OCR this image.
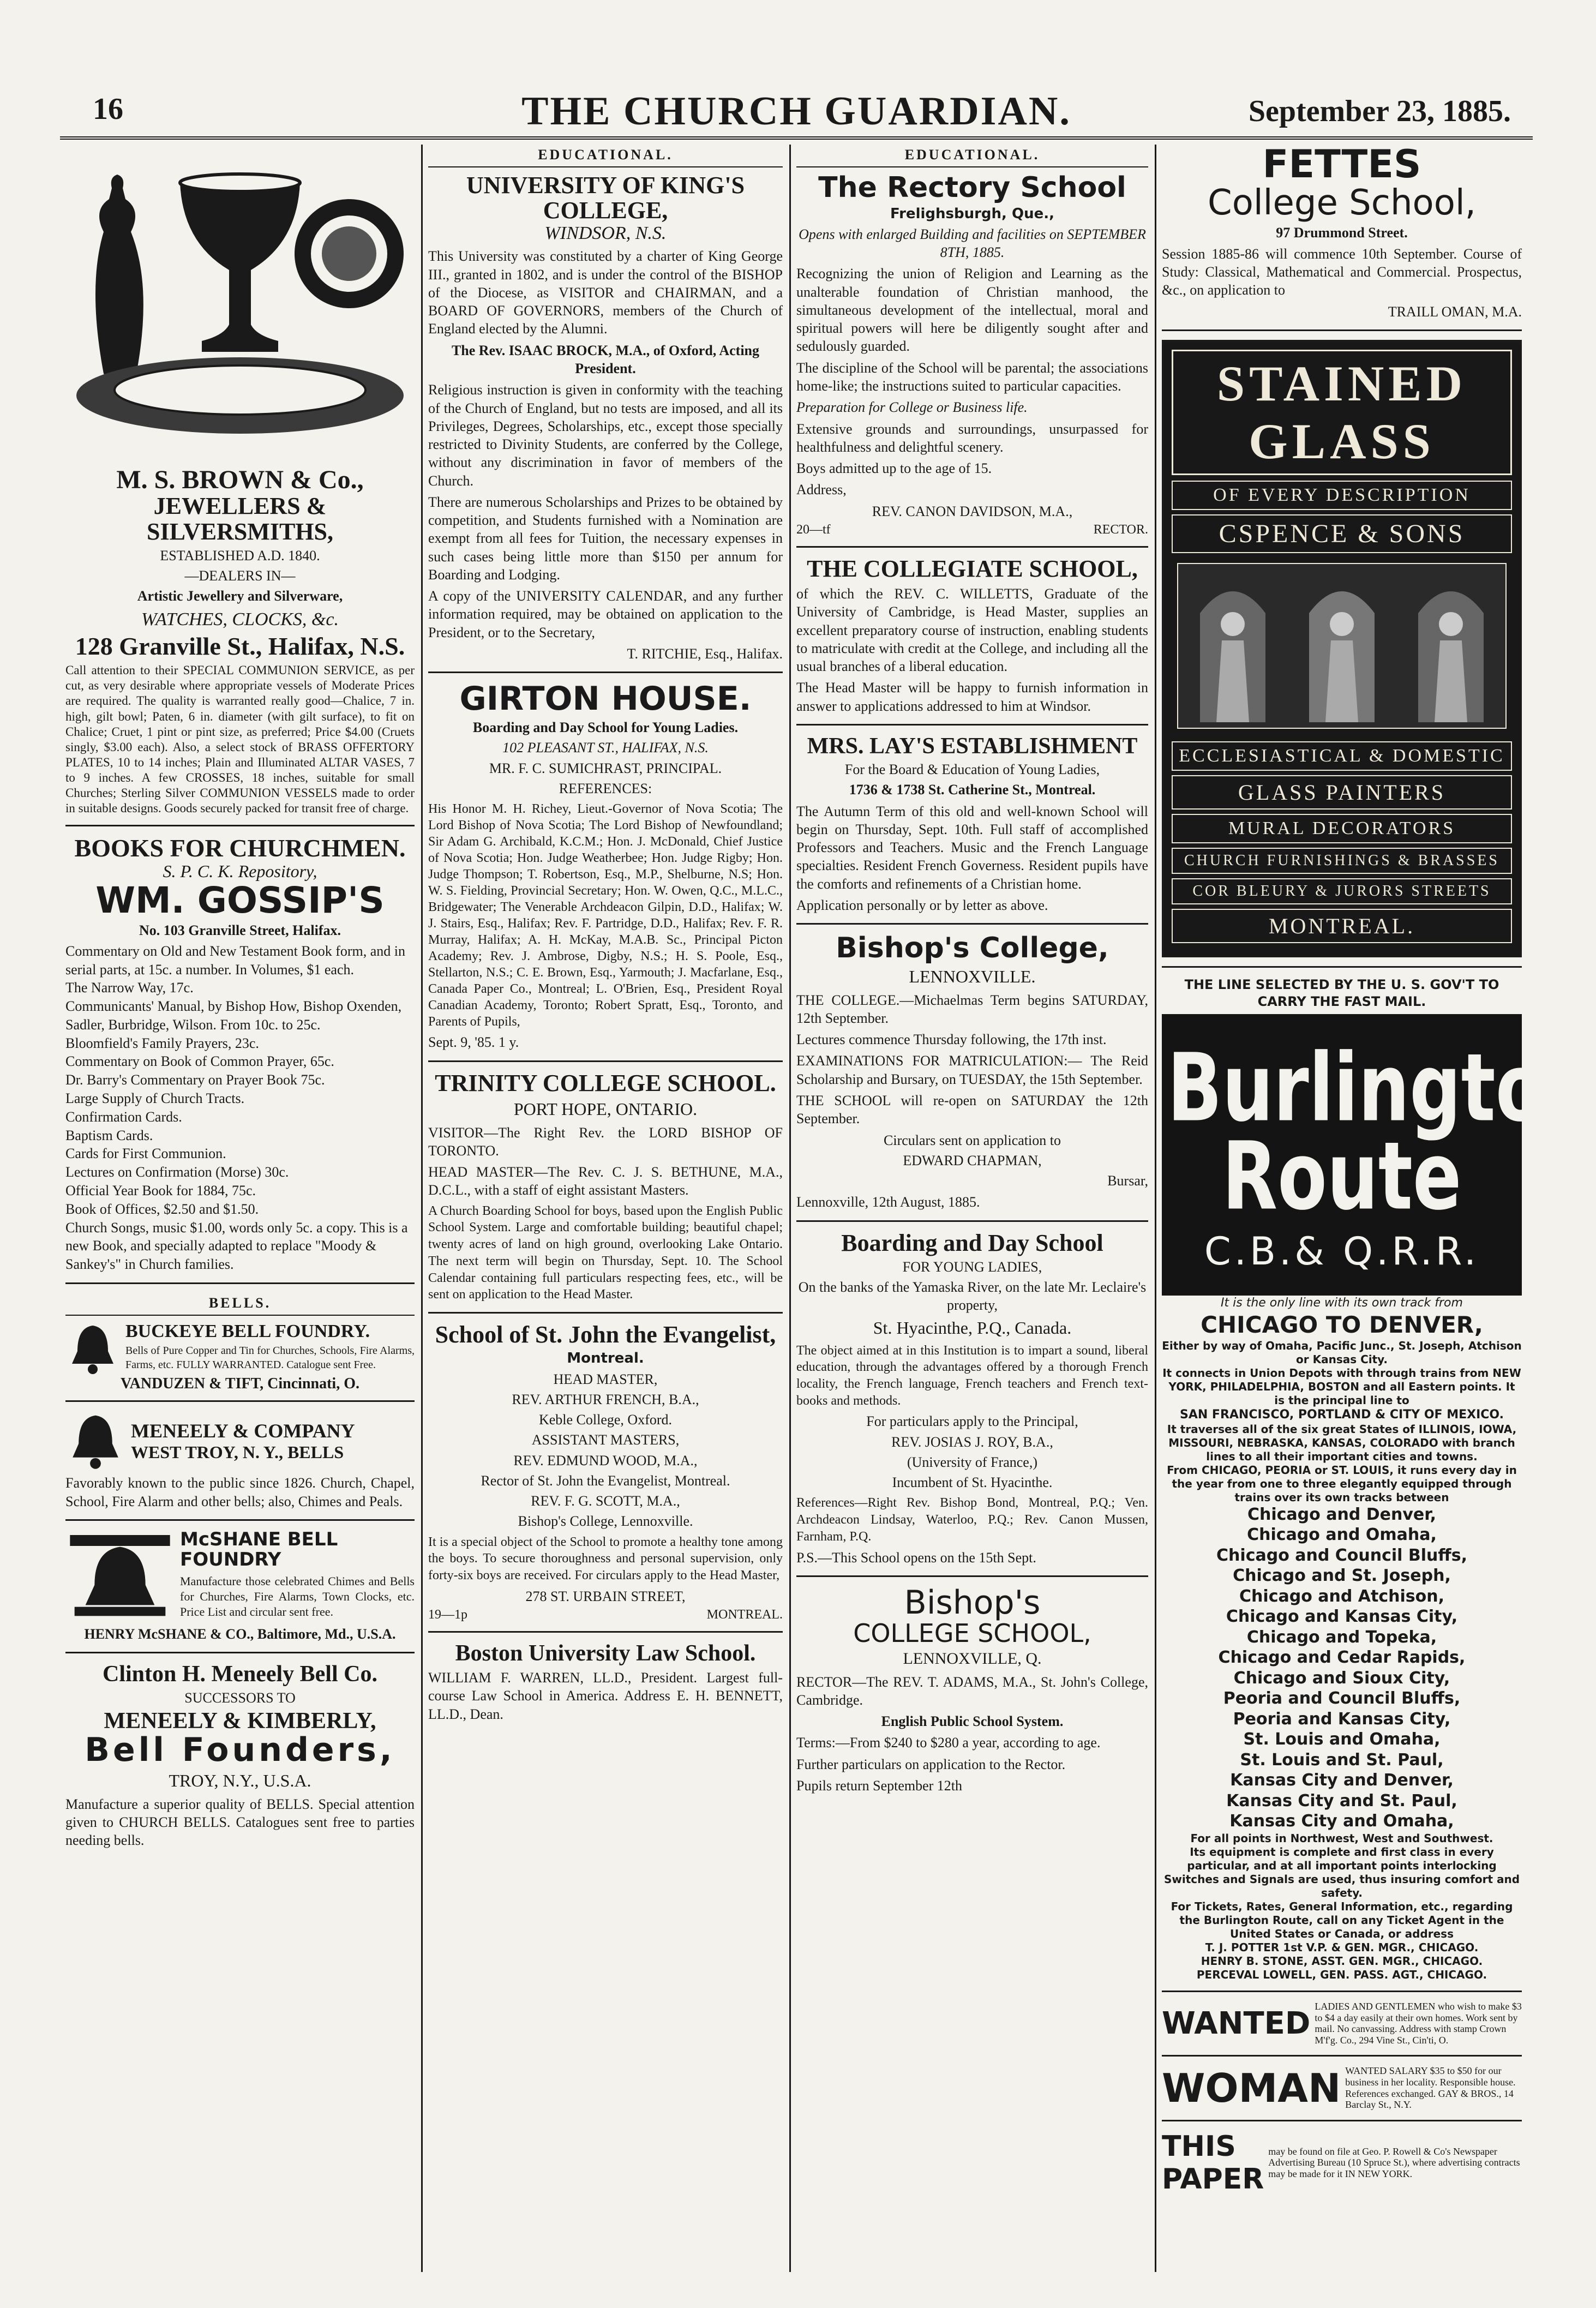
16	THE CHURCH GUARDIAN.	September 23, 1885.
M. S. BROWN & Co.,
JEWELLERS & SILVERSMITHS,
ESTABLISHED A.D. 1840.
—DEALERS IN—
Artistic Jewellery and Silverware,
WATCHES, CLOCKS, &c.
128 Granville St., Halifax, N.S.
Call attention to their SPECIAL COMMUNION SERVICE, as per cut, as very desirable where appropriate vessels of Moderate Prices are required. The quality is warranted really good—Chalice, 7 in. high, gilt bowl; Paten, 6 in. diameter (with gilt surface), to fit on Chalice; Cruet, 1 pint or pint size, as preferred; Price $4.00 (Cruets singly, $3.00 each). Also, a select stock of BRASS OFFERTORY PLATES, 10 to 14 inches; Plain and Illuminated ALTAR VASES, 7 to 9 inches. A few CROSSES, 18 inches, suitable for small Churches; Sterling Silver COMMUNION VESSELS made to order in suitable designs. Goods securely packed for transit free of charge.
BOOKS FOR CHURCHMEN.
S. P. C. K. Repository,
WM. GOSSIP'S
No. 103 Granville Street, Halifax.
Commentary on Old and New Testament Book form, and in serial parts, at 15c. a number. In Volumes, $1 each.
The Narrow Way, 17c.
Communicants' Manual, by Bishop How, Bishop Oxenden, Sadler, Burbridge, Wilson. From 10c. to 25c.
Bloomfield's Family Prayers, 23c.
Commentary on Book of Common Prayer, 65c.
Dr. Barry's Commentary on Prayer Book 75c.
Large Supply of Church Tracts.
Confirmation Cards.
Baptism Cards.
Cards for First Communion.
Lectures on Confirmation (Morse) 30c.
Official Year Book for 1884, 75c.
Book of Offices, $2.50 and $1.50.
Church Songs, music $1.00, words only 5c. a copy. This is a new Book, and specially adapted to replace "Moody & Sankey's" in Church families.
BELLS.
BUCKEYE BELL FOUNDRY.
Bells of Pure Copper and Tin for Churches, Schools, Fire Alarms, Farms, etc. FULLY WARRANTED. Catalogue sent Free.
VANDUZEN & TIFT, Cincinnati, O.
MENEELY & COMPANY
WEST TROY, N. Y., BELLS
Favorably known to the public since 1826. Church, Chapel, School, Fire Alarm and other bells; also, Chimes and Peals.
McSHANE BELL FOUNDRY
Manufacture those celebrated Chimes and Bells for Churches, Fire Alarms, Town Clocks, etc. Price List and circular sent free.
HENRY McSHANE & CO., Baltimore, Md., U.S.A.
Clinton H. Meneely Bell Co.
SUCCESSORS TO
MENEELY & KIMBERLY,
Bell Founders,
TROY, N.Y., U.S.A.
Manufacture a superior quality of BELLS. Special attention given to CHURCH BELLS. Catalogues sent free to parties needing bells.
EDUCATIONAL.
UNIVERSITY OF KING'S COLLEGE,
WINDSOR, N.S.
This University was constituted by a charter of King George III., granted in 1802, and is under the control of the BISHOP of the Diocese, as VISITOR and CHAIRMAN, and a BOARD OF GOVERNORS, members of the Church of England elected by the Alumni.
The Rev. ISAAC BROCK, M.A., of Oxford, Acting President.
Religious instruction is given in conformity with the teaching of the Church of England, but no tests are imposed, and all its Privileges, Degrees, Scholarships, etc., except those specially restricted to Divinity Students, are conferred by the College, without any discrimination in favor of members of the Church.
There are numerous Scholarships and Prizes to be obtained by competition, and Students furnished with a Nomination are exempt from all fees for Tuition, the necessary expenses in such cases being little more than $150 per annum for Boarding and Lodging.
A copy of the UNIVERSITY CALENDAR, and any further information required, may be obtained on application to the President, or to the Secretary,
T. RITCHIE, Esq., Halifax.
GIRTON HOUSE.
Boarding and Day School for Young Ladies.
102 PLEASANT ST., HALIFAX, N.S.
MR. F. C. SUMICHRAST, PRINCIPAL.
REFERENCES:
His Honor M. H. Richey, Lieut.-Governor of Nova Scotia; The Lord Bishop of Nova Scotia; The Lord Bishop of Newfoundland; Sir Adam G. Archibald, K.C.M.; Hon. J. McDonald, Chief Justice of Nova Scotia; Hon. Judge Weatherbee; Hon. Judge Rigby; Hon. Judge Thompson; T. Robertson, Esq., M.P., Shelburne, N.S; Hon. W. S. Fielding, Provincial Secretary; Hon. W. Owen, Q.C., M.L.C., Bridgewater; The Venerable Archdeacon Gilpin, D.D., Halifax; W. J. Stairs, Esq., Halifax; Rev. F. Partridge, D.D., Halifax; Rev. F. R. Murray, Halifax; A. H. McKay, M.A.B. Sc., Principal Picton Academy; Rev. J. Ambrose, Digby, N.S.; H. S. Poole, Esq., Stellarton, N.S.; C. E. Brown, Esq., Yarmouth; J. Macfarlane, Esq., Canada Paper Co., Montreal; L. O'Brien, Esq., President Royal Canadian Academy, Toronto; Robert Spratt, Esq., Toronto, and Parents of Pupils,
Sept. 9, '85. 1 y.
TRINITY COLLEGE SCHOOL.
PORT HOPE, ONTARIO.
VISITOR—The Right Rev. the LORD BISHOP OF TORONTO.
HEAD MASTER—The Rev. C. J. S. BETHUNE, M.A., D.C.L., with a staff of eight assistant Masters.
A Church Boarding School for boys, based upon the English Public School System. Large and comfortable building; beautiful chapel; twenty acres of land on high ground, overlooking Lake Ontario. The next term will begin on Thursday, Sept. 10. The School Calendar containing full particulars respecting fees, etc., will be sent on application to the Head Master.
School of St. John the Evangelist,
Montreal.
HEAD MASTER,
REV. ARTHUR FRENCH, B.A.,
Keble College, Oxford.
ASSISTANT MASTERS,
REV. EDMUND WOOD, M.A.,
Rector of St. John the Evangelist, Montreal.
REV. F. G. SCOTT, M.A.,
Bishop's College, Lennoxville.
It is a special object of the School to promote a healthy tone among the boys. To secure thoroughness and personal supervision, only forty-six boys are received. For circulars apply to the Head Master,
278 ST. URBAIN STREET,
19—1p	MONTREAL.
Boston University Law School.
WILLIAM F. WARREN, LL.D., President. Largest full-course Law School in America. Address E. H. BENNETT, LL.D., Dean.
EDUCATIONAL.
The Rectory School
Frelighsburgh, Que.,
Opens with enlarged Building and facilities on SEPTEMBER 8TH, 1885.
Recognizing the union of Religion and Learning as the unalterable foundation of Christian manhood, the simultaneous development of the intellectual, moral and spiritual powers will here be diligently sought after and sedulously guarded.
The discipline of the School will be parental; the associations home-like; the instructions suited to particular capacities.
Preparation for College or Business life.
Extensive grounds and surroundings, unsurpassed for healthfulness and delightful scenery.
Boys admitted up to the age of 15.
Address,
REV. CANON DAVIDSON, M.A.,
20—tf	RECTOR.
THE COLLEGIATE SCHOOL,
of which the REV. C. WILLETTS, Graduate of the University of Cambridge, is Head Master, supplies an excellent preparatory course of instruction, enabling students to matriculate with credit at the College, and including all the usual branches of a liberal education.
The Head Master will be happy to furnish information in answer to applications addressed to him at Windsor.
MRS. LAY'S ESTABLISHMENT
For the Board & Education of Young Ladies,
1736 & 1738 St. Catherine St., Montreal.
The Autumn Term of this old and well-known School will begin on Thursday, Sept. 10th. Full staff of accomplished Professors and Teachers. Music and the French Language specialties. Resident French Governess. Resident pupils have the comforts and refinements of a Christian home.
Application personally or by letter as above.
Bishop's College,
LENNOXVILLE.
THE COLLEGE.—Michaelmas Term begins SATURDAY, 12th September.
Lectures commence Thursday following, the 17th inst.
EXAMINATIONS FOR MATRICULATION:— The Reid Scholarship and Bursary, on TUESDAY, the 15th September.
THE SCHOOL will re-open on SATURDAY the 12th September.
Circulars sent on application to
EDWARD CHAPMAN,
Bursar,
Lennoxville, 12th August, 1885.
Boarding and Day School
FOR YOUNG LADIES,
On the banks of the Yamaska River, on the late Mr. Leclaire's property,
St. Hyacinthe, P.Q., Canada.
The object aimed at in this Institution is to impart a sound, liberal education, through the advantages offered by a thorough French locality, the French language, French teachers and French text-books and methods.
For particulars apply to the Principal,
REV. JOSIAS J. ROY, B.A.,
(University of France,)
Incumbent of St. Hyacinthe.
References—Right Rev. Bishop Bond, Montreal, P.Q.; Ven. Archdeacon Lindsay, Waterloo, P.Q.; Rev. Canon Mussen, Farnham, P.Q.
P.S.—This School opens on the 15th Sept.
Bishop's
COLLEGE SCHOOL,
LENNOXVILLE, Q.
RECTOR—The REV. T. ADAMS, M.A., St. John's College, Cambridge.
English Public School System.
Terms:—From $240 to $280 a year, according to age.
Further particulars on application to the Rector.
Pupils return September 12th
FETTES
College School,
97 Drummond Street.
Session 1885-86 will commence 10th September. Course of Study: Classical, Mathematical and Commercial. Prospectus, &c., on application to
TRAILL OMAN, M.A.
STAINED GLASS
OF EVERY DESCRIPTION
CSPENCE & SONS
ECCLESIASTICAL & DOMESTIC
GLASS PAINTERS
MURAL DECORATORS
CHURCH FURNISHINGS & BRASSES
COR BLEURY & JURORS STREETS
MONTREAL.
THE LINE SELECTED BY THE U. S. GOV'T TO CARRY THE FAST MAIL.
Burlington
Route
C.B.& Q.R.R.
It is the only line with its own track from
CHICAGO TO DENVER,
Either by way of Omaha, Pacific Junc., St. Joseph, Atchison or Kansas City.
It connects in Union Depots with through trains from NEW YORK, PHILADELPHIA, BOSTON and all Eastern points. It is the principal line to
SAN FRANCISCO, PORTLAND & CITY OF MEXICO.
It traverses all of the six great States of ILLINOIS, IOWA, MISSOURI, NEBRASKA, KANSAS, COLORADO with branch lines to all their important cities and towns.
From CHICAGO, PEORIA or ST. LOUIS, it runs every day in the year from one to three elegantly equipped through trains over its own tracks between
Chicago and Denver,
Chicago and Omaha,
Chicago and Council Bluffs,
Chicago and St. Joseph,
Chicago and Atchison,
Chicago and Kansas City,
Chicago and Topeka,
Chicago and Cedar Rapids,
Chicago and Sioux City,
Peoria and Council Bluffs,
Peoria and Kansas City,
St. Louis and Omaha,
St. Louis and St. Paul,
Kansas City and Denver,
Kansas City and St. Paul,
Kansas City and Omaha,
For all points in Northwest, West and Southwest.
Its equipment is complete and first class in every particular, and at all important points interlocking Switches and Signals are used, thus insuring comfort and safety.
For Tickets, Rates, General Information, etc., regarding the Burlington Route, call on any Ticket Agent in the United States or Canada, or address
T. J. POTTER 1st V.P. & GEN. MGR., CHICAGO.
HENRY B. STONE, ASST. GEN. MGR., CHICAGO.
PERCEVAL LOWELL, GEN. PASS. AGT., CHICAGO.
WANTED LADIES AND GENTLEMEN who wish to make $3 to $4 a day easily at their own homes. Work sent by mail. No canvassing. Address with stamp Crown M'f'g. Co., 294 Vine St., Cin'ti, O.
WOMAN WANTED SALARY $35 to $50 for our business in her locality. Responsible house. References exchanged. GAY & BROS., 14 Barclay St., N.Y.
THIS PAPER
may be found on file at Geo. P. Rowell & Co's Newspaper Advertising Bureau (10 Spruce St.), where advertising contracts may be made for it IN NEW YORK.
